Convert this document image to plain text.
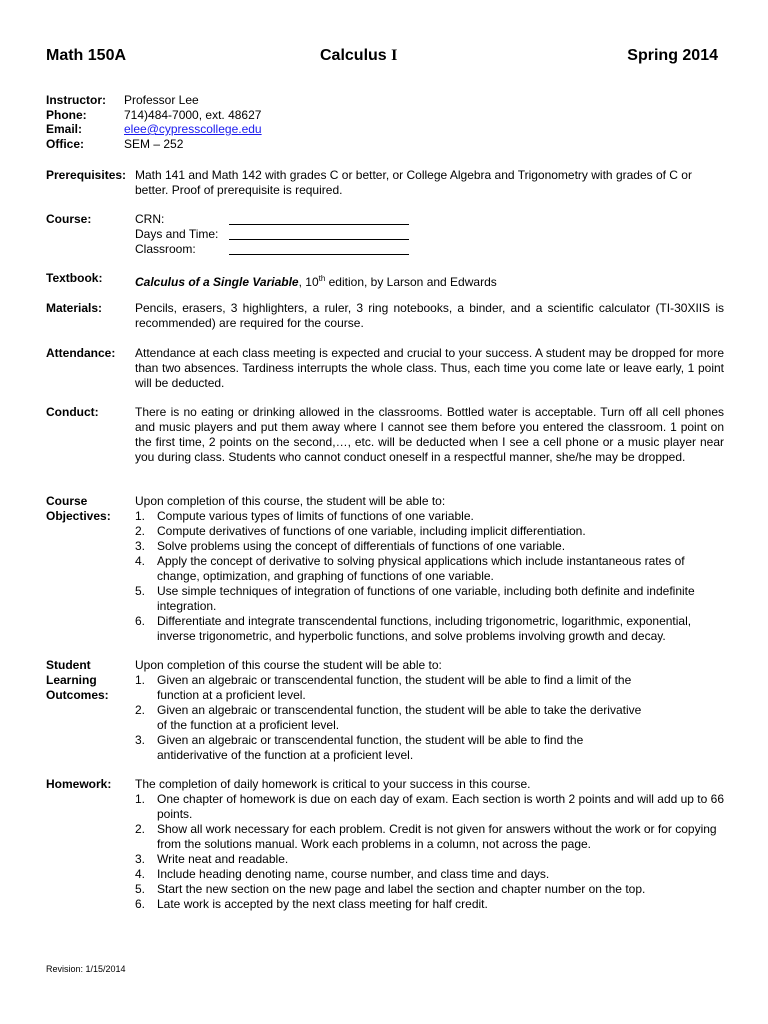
Math 150A	Calculus I	Spring 2014
Instructor:	Professor Lee
Phone:	714)484-7000, ext. 48627
Email:	elee@cypresscollege.edu
Office:	SEM – 252
Prerequisites: Math 141 and Math 142 with grades C or better, or College Algebra and Trigonometry with grades of C or better. Proof of prerequisite is required.
Course:	CRN:
Days and Time:
Classroom:
Textbook:	Calculus of a Single Variable, 10th edition, by Larson and Edwards
Materials:	Pencils, erasers, 3 highlighters, a ruler, 3 ring notebooks, a binder, and a scientific calculator (TI-30XIIS is recommended) are required for the course.
Attendance: Attendance at each class meeting is expected and crucial to your success. A student may be dropped for more than two absences. Tardiness interrupts the whole class. Thus, each time you come late or leave early, 1 point will be deducted.
Conduct:	There is no eating or drinking allowed in the classrooms. Bottled water is acceptable. Turn off all cell phones and music players and put them away where I cannot see them before you entered the classroom. 1 point on the first time, 2 points on the second,…, etc. will be deducted when I see a cell phone or a music player near you during class. Students who cannot conduct oneself in a respectful manner, she/he may be dropped.
Course
Objectives:
Upon completion of this course, the student will be able to:
1. Compute various types of limits of functions of one variable.
2. Compute derivatives of functions of one variable, including implicit differentiation.
3. Solve problems using the concept of differentials of functions of one variable.
4. Apply the concept of derivative to solving physical applications which include instantaneous rates of change, optimization, and graphing of functions of one variable.
5. Use simple techniques of integration of functions of one variable, including both definite and indefinite integration.
6. Differentiate and integrate transcendental functions, including trigonometric, logarithmic, exponential, inverse trigonometric, and hyperbolic functions, and solve problems involving growth and decay.
Student
Learning
Outcomes:
Upon completion of this course the student will be able to:
1. Given an algebraic or transcendental function, the student will be able to find a limit of the function at a proficient level.
2. Given an algebraic or transcendental function, the student will be able to take the derivative of the function at a proficient level.
3. Given an algebraic or transcendental function, the student will be able to find the antiderivative of the function at a proficient level.
Homework: The completion of daily homework is critical to your success in this course.
1. One chapter of homework is due on each day of exam. Each section is worth 2 points and will add up to 66 points.
2. Show all work necessary for each problem. Credit is not given for answers without the work or for copying from the solutions manual. Work each problems in a column, not across the page.
3. Write neat and readable.
4. Include heading denoting name, course number, and class time and days.
5. Start the new section on the new page and label the section and chapter number on the top.
6. Late work is accepted by the next class meeting for half credit.
Revision: 1/15/2014
